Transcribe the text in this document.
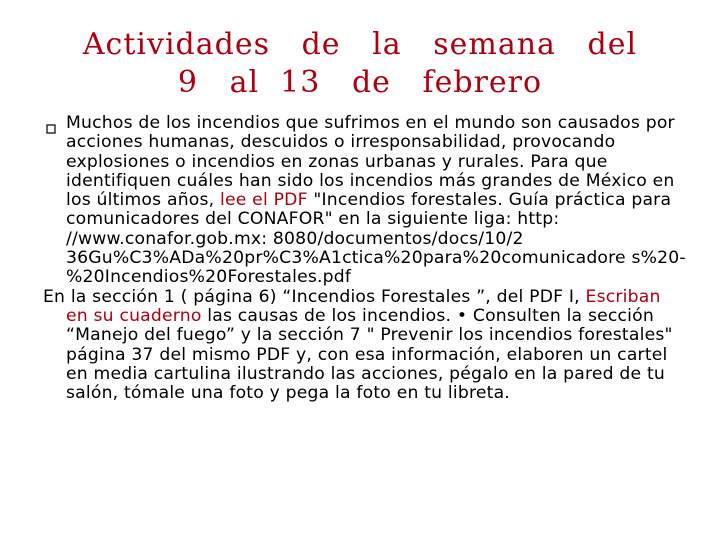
Actividades   de   la   semana   del
9   al  13   de   febrero

Muchos de los incendios que sufrimos en el mundo son causados por acciones humanas, descuidos o irresponsabilidad, provocando explosiones o incendios en zonas urbanas y rurales. Para que identifiquen cuáles han sido los incendios más grandes de México en los últimos años, lee el PDF "Incendios forestales. Guía práctica para comunicadores del CONAFOR" en la siguiente liga: http: //www.conafor.gob.mx: 8080/documentos/docs/10/2 36Gu%C3%ADa%20pr%C3%A1ctica%20para%20comunicadore s%20-%20Incendios%20Forestales.pdf

En la sección 1 ( página 6) “Incendios Forestales ”, del PDF I, Escriban en su cuaderno las causas de los incendios. • Consulten la sección “Manejo del fuego” y la sección 7 " Prevenir los incendios forestales" página 37 del mismo PDF y, con esa información, elaboren un cartel en media cartulina ilustrando las acciones, pégalo en la pared de tu salón, tómale una foto y pega la foto en tu libreta.
